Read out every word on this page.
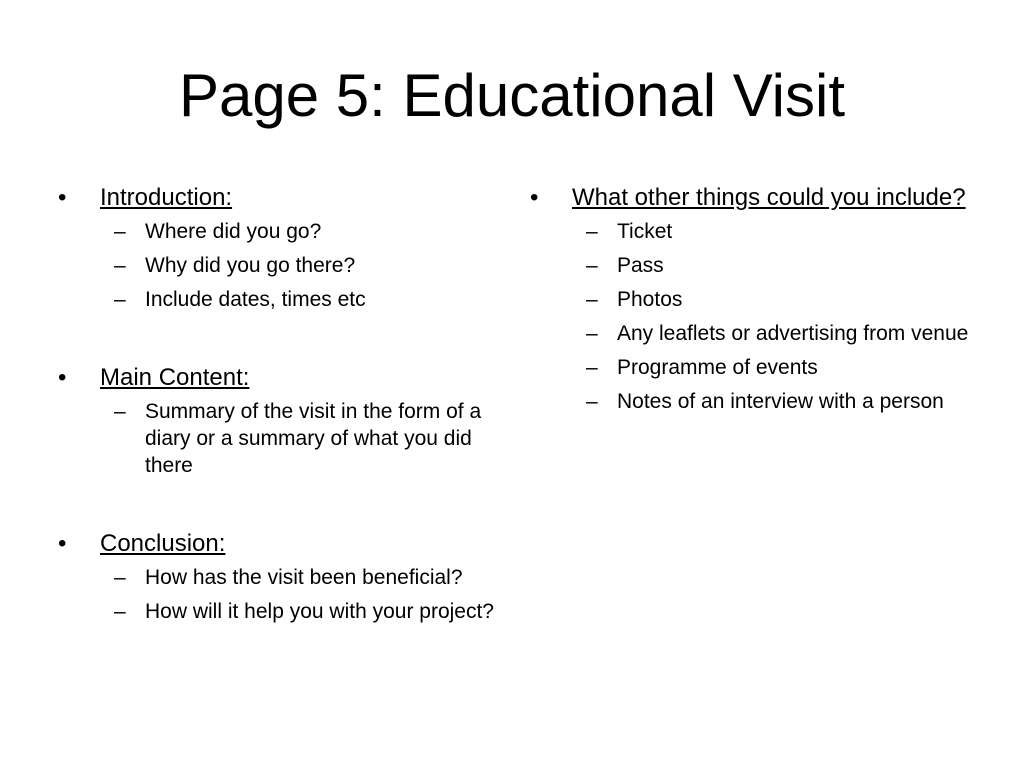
Page 5: Educational Visit
•	Introduction:
– Where did you go?
– Why did you go there?
– Include dates, times etc
•	Main Content:
– Summary of the visit in the form of a diary or a summary of what you did there
•	Conclusion:
– How has the visit been beneficial?
– How will it help you with your project?
•	What other things could you include?
– Ticket
– Pass
– Photos
– Any leaflets or advertising from venue
– Programme of events
– Notes of an interview with a person
